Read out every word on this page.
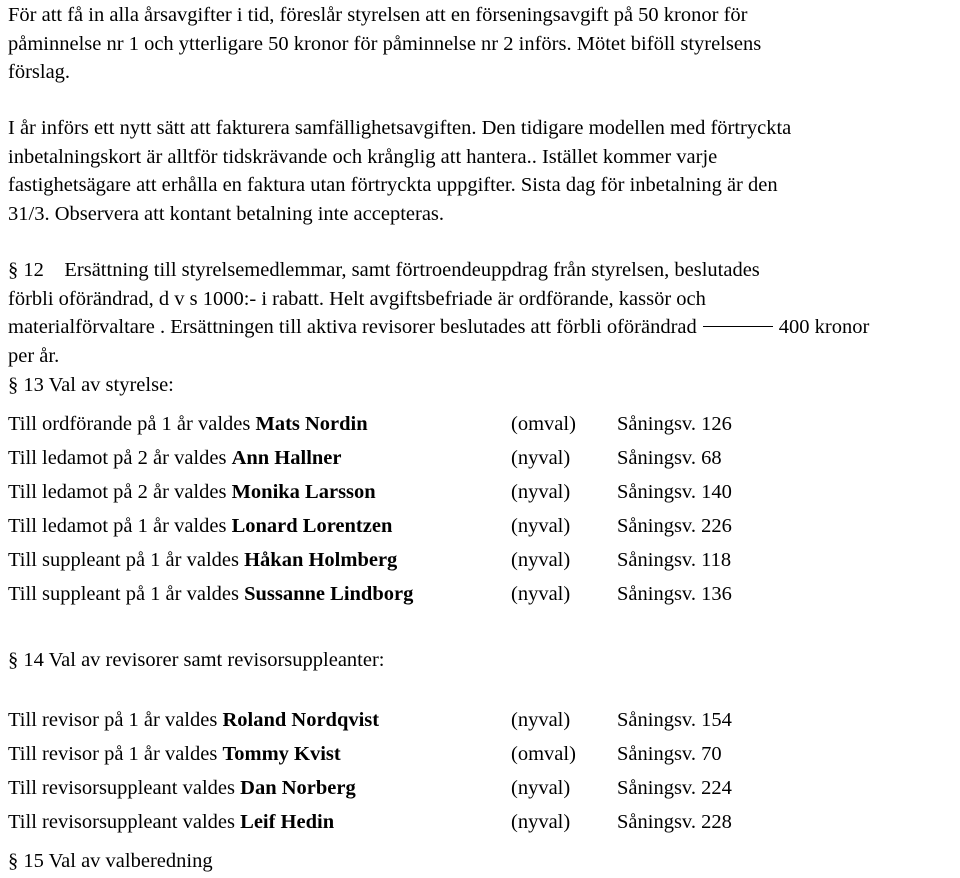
För att få in alla årsavgifter i tid, föreslår styrelsen att en förseningsavgift på 50 kronor för
påminnelse nr 1 och ytterligare 50 kronor för påminnelse nr 2 införs. Mötet biföll styrelsens
förslag.

I år införs ett nytt sätt att fakturera samfällighetsavgiften. Den tidigare modellen med förtryckta
inbetalningskort är alltför tidskrävande och krånglig att hantera.. Istället kommer varje
fastighetsägare att erhålla en faktura utan förtryckta uppgifter. Sista dag för inbetalning är den
31/3. Observera att kontant betalning inte accepteras.

§ 12    Ersättning till styrelsemedlemmar, samt förtroendeuppdrag från styrelsen, beslutades
förbli oförändrad, d v s 1000:- i rabatt. Helt avgiftsbefriade är ordförande, kassör och
materialförvaltare . Ersättningen till aktiva revisorer beslutades att förbli oförändrad	400 kronor
per år.

§ 13 Val av styrelse:

Till ordförande på 1 år valdes Mats Nordin	(omval) Såningsv. 126
Till ledamot på 2 år valdes Ann Hallner	(nyval) Såningsv. 68
Till ledamot på 2 år valdes Monika Larsson	(nyval) Såningsv. 140
Till ledamot på 1 år valdes Lonard Lorentzen	(nyval) Såningsv. 226
Till suppleant på 1 år valdes Håkan Holmberg	(nyval) Såningsv. 118
Till suppleant på 1 år valdes Sussanne Lindborg	(nyval) Såningsv. 136

§ 14 Val av revisorer samt revisorsuppleanter:

Till revisor på 1 år valdes Roland Nordqvist	(nyval) Såningsv. 154
Till revisor på 1 år valdes Tommy Kvist	(omval) Såningsv. 70
Till revisorsuppleant valdes Dan Norberg	(nyval) Såningsv. 224
Till revisorsuppleant valdes Leif Hedin	(nyval) Såningsv. 228

§ 15 Val av valberedning
